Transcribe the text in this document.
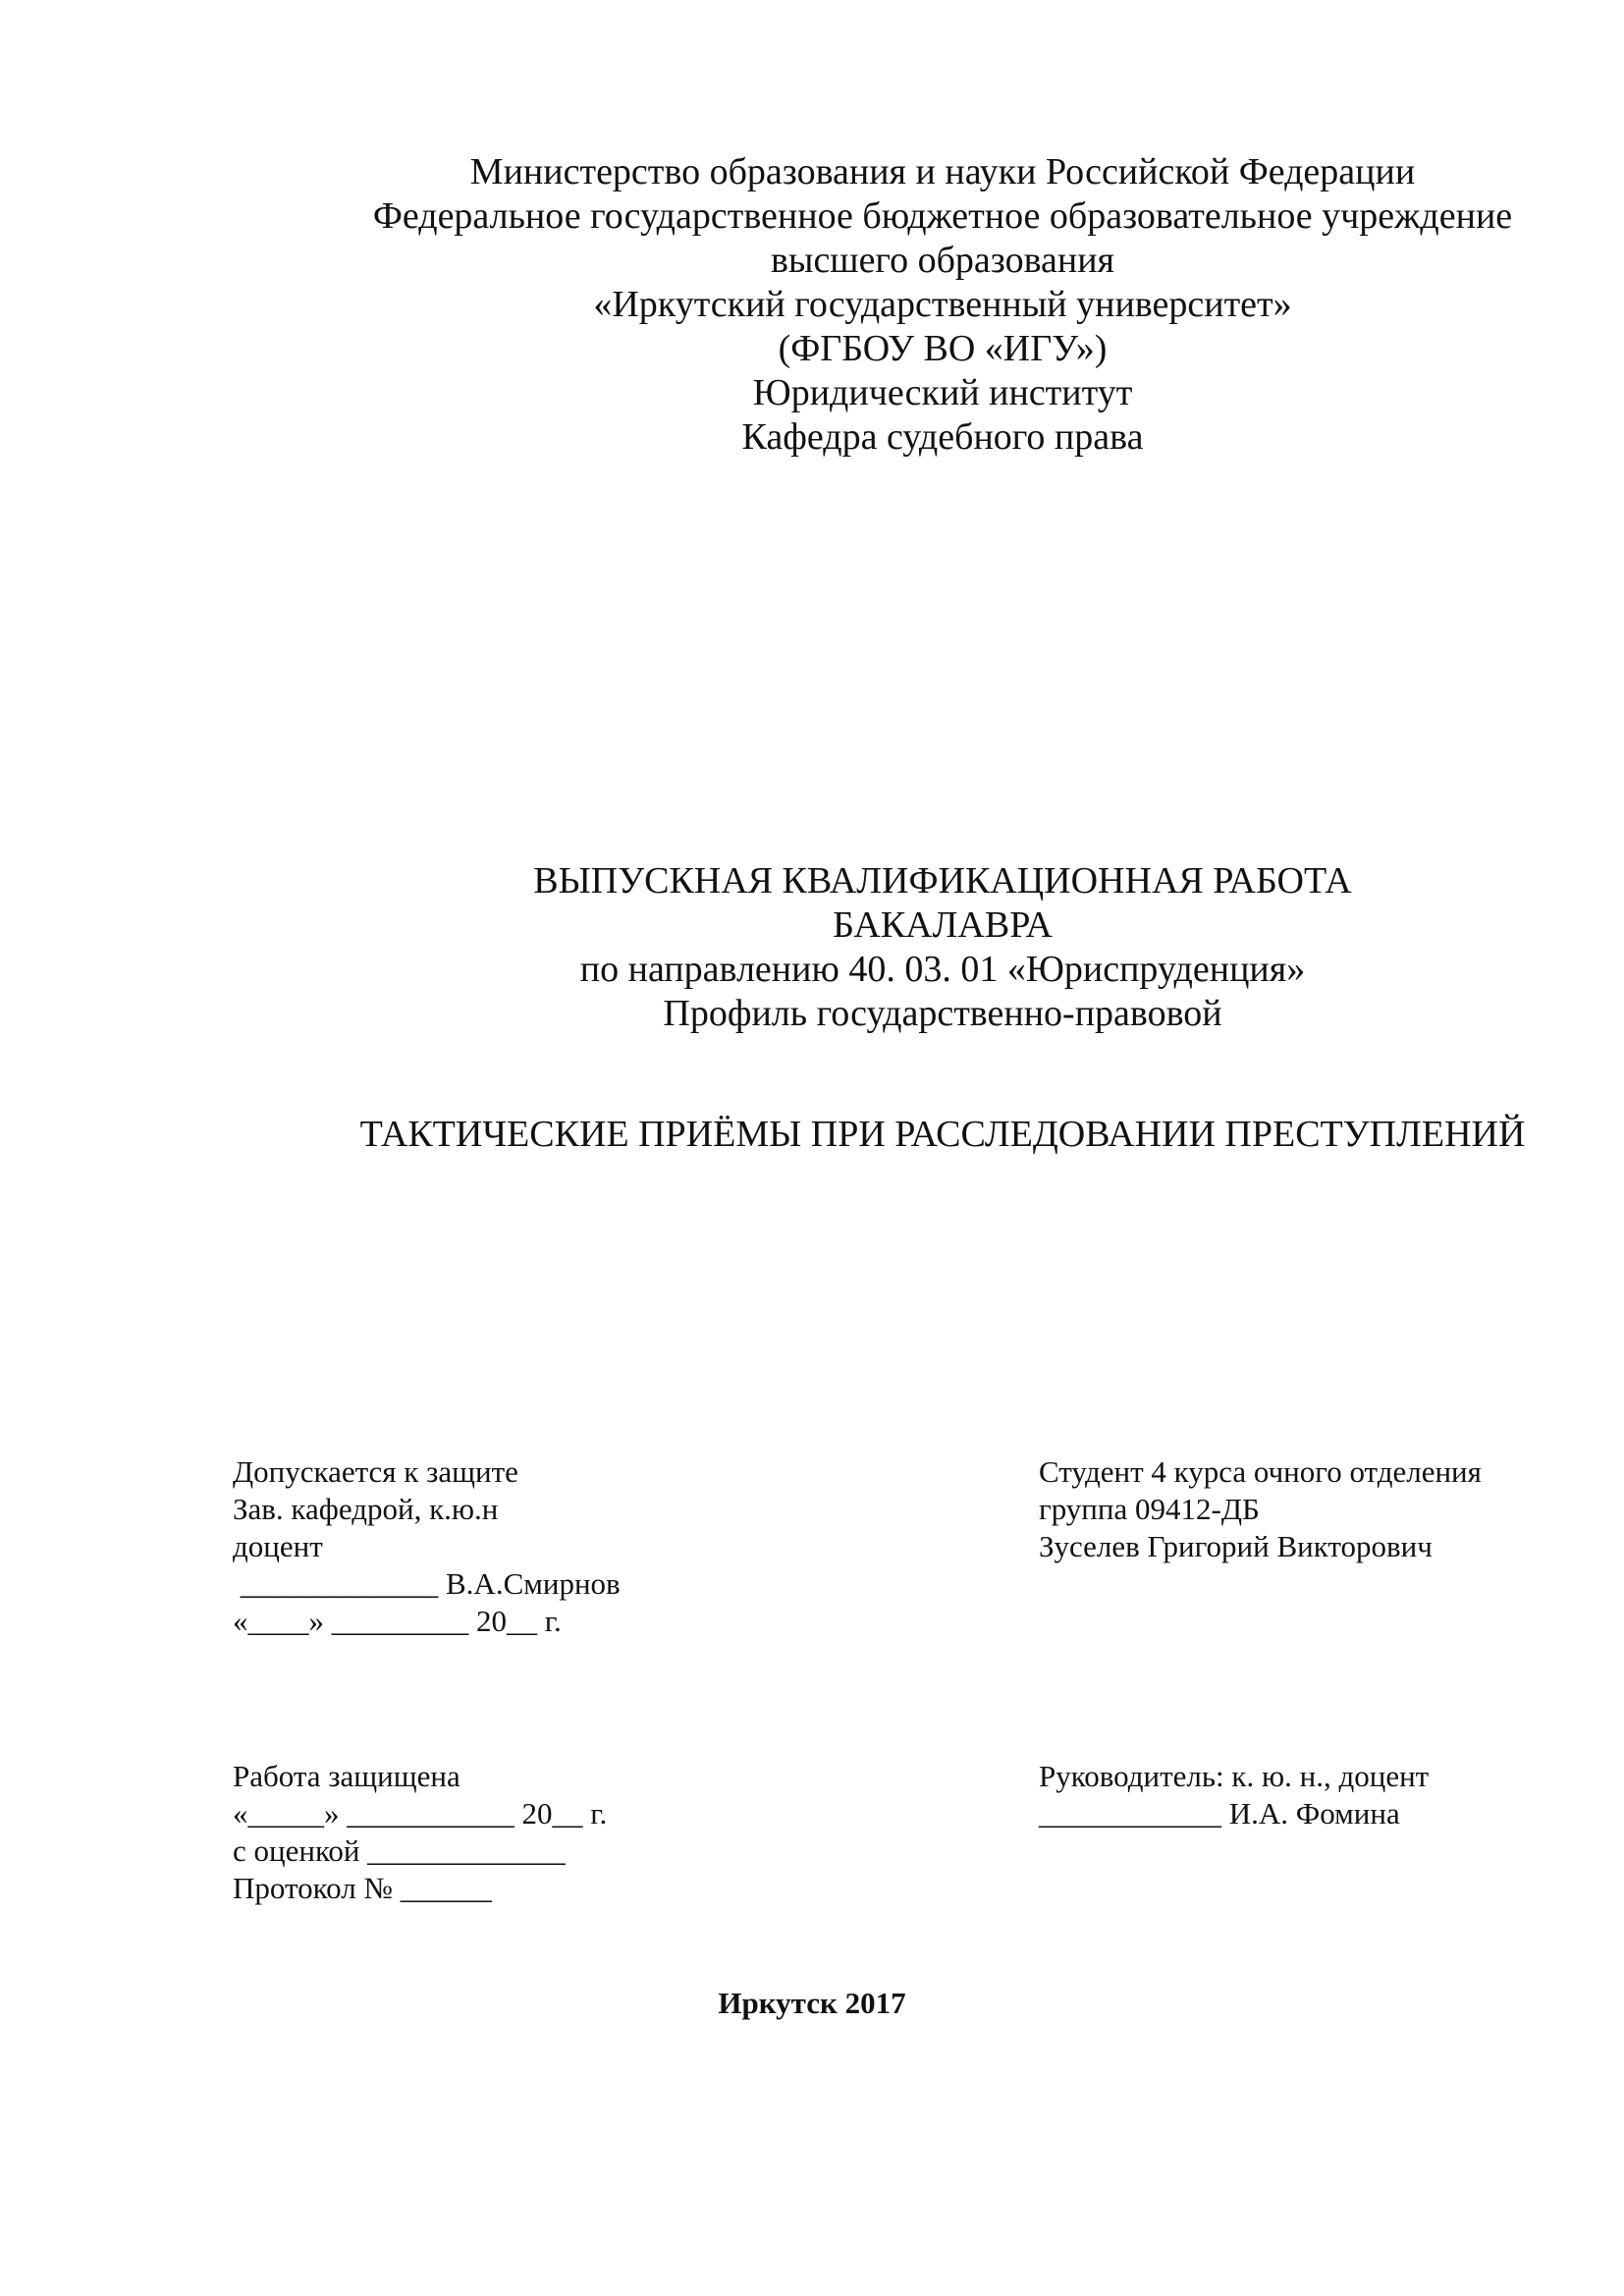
Министерство образования и науки Российской Федерации
Федеральное государственное бюджетное образовательное учреждение
высшего образования
«Иркутский государственный университет»
(ФГБОУ ВО «ИГУ»)
Юридический институт
Кафедра судебного права
ВЫПУСКНАЯ КВАЛИФИКАЦИОННАЯ РАБОТА
БАКАЛАВРА
по направлению 40. 03. 01 «Юриспруденция»
Профиль государственно-правовой
ТАКТИЧЕСКИЕ ПРИЁМЫ ПРИ РАССЛЕДОВАНИИ ПРЕСТУПЛЕНИЙ
Допускается к защите
Зав. кафедрой, к.ю.н
доцент
_____________ В.А.Смирнов
«____» _________ 20__ г.
Студент 4 курса очного отделения
группа 09412-ДБ
Зуселев Григорий Викторович
Работа защищена
«_____» ___________ 20__ г.
с оценкой _____________
Протокол № ______
Руководитель: к. ю. н., доцент
____________ И.А. Фомина
Иркутск 2017
